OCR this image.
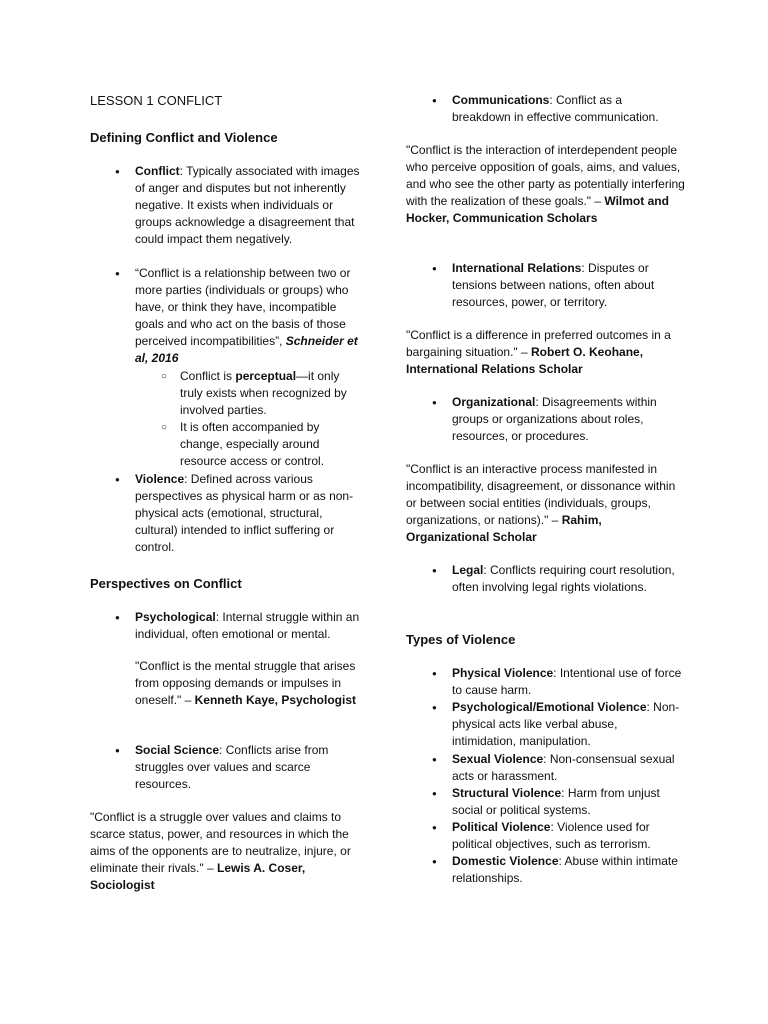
LESSON 1 CONFLICT
Defining Conflict and Violence
● Conflict: Typically associated with images of anger and disputes but not inherently negative. It exists when individuals or groups acknowledge a disagreement that could impact them negatively.
● “Conflict is a relationship between two or more parties (individuals or groups) who have, or think they have, incompatible goals and who act on the basis of those perceived incompatibilities”, Schneider et al, 2016
○ Conflict is perceptual—it only truly exists when recognized by involved parties.
○ It is often accompanied by change, especially around resource access or control.
● Violence: Defined across various perspectives as physical harm or as non-physical acts (emotional, structural, cultural) intended to inflict suffering or control.
Perspectives on Conflict
● Psychological: Internal struggle within an individual, often emotional or mental.
"Conflict is the mental struggle that arises from opposing demands or impulses in oneself." – Kenneth Kaye, Psychologist
● Social Science: Conflicts arise from struggles over values and scarce resources.
"Conflict is a struggle over values and claims to scarce status, power, and resources in which the aims of the opponents are to neutralize, injure, or eliminate their rivals." – Lewis A. Coser, Sociologist
● Communications: Conflict as a breakdown in effective communication.
"Conflict is the interaction of interdependent people who perceive opposition of goals, aims, and values, and who see the other party as potentially interfering with the realization of these goals." – Wilmot and Hocker, Communication Scholars
● International Relations: Disputes or tensions between nations, often about resources, power, or territory.
"Conflict is a difference in preferred outcomes in a bargaining situation." – Robert O. Keohane, International Relations Scholar
● Organizational: Disagreements within groups or organizations about roles, resources, or procedures.
"Conflict is an interactive process manifested in incompatibility, disagreement, or dissonance within or between social entities (individuals, groups, organizations, or nations)." – Rahim, Organizational Scholar
● Legal: Conflicts requiring court resolution, often involving legal rights violations.
Types of Violence
● Physical Violence: Intentional use of force to cause harm.
● Psychological/Emotional Violence: Non-physical acts like verbal abuse, intimidation, manipulation.
● Sexual Violence: Non-consensual sexual acts or harassment.
● Structural Violence: Harm from unjust social or political systems.
● Political Violence: Violence used for political objectives, such as terrorism.
● Domestic Violence: Abuse within intimate relationships.
